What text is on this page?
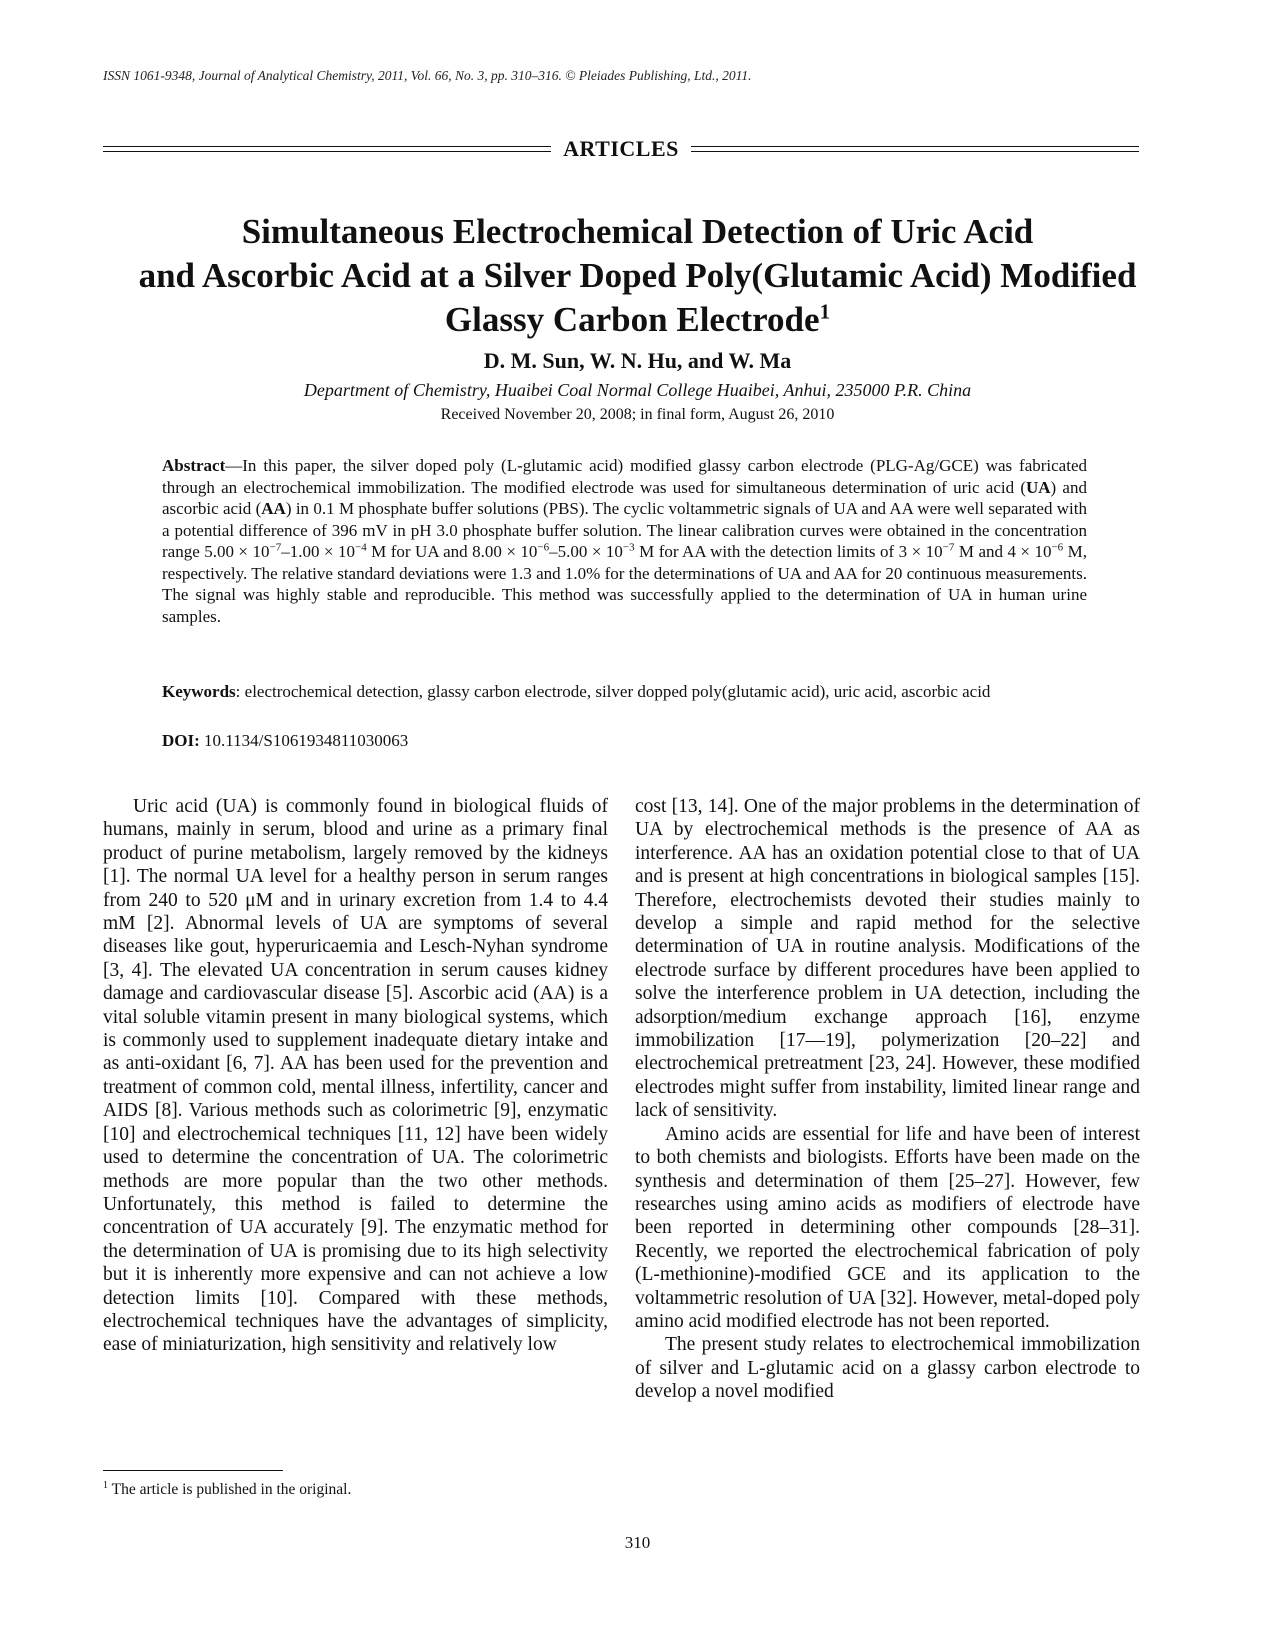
ISSN 1061-9348, Journal of Analytical Chemistry, 2011, Vol. 66, No. 3, pp. 310–316. © Pleiades Publishing, Ltd., 2011.
ARTICLES
Simultaneous Electrochemical Detection of Uric Acid
and Ascorbic Acid at a Silver Doped Poly(Glutamic Acid) Modified
Glassy Carbon Electrode$^1$
D. M. Sun, W. N. Hu, and W. Ma
Department of Chemistry, Huaibei Coal Normal College Huaibei, Anhui, 235000 P.R. China
Received November 20, 2008; in final form, August 26, 2010
Abstract—In this paper, the silver doped poly (L-glutamic acid) modified glassy carbon electrode (PLG-Ag/GCE) was fabricated through an electrochemical immobilization. The modified electrode was used for simultaneous determination of uric acid (UA) and ascorbic acid (AA) in 0.1 M phosphate buffer solutions (PBS). The cyclic voltammetric signals of UA and AA were well separated with a potential difference of 396 mV in pH 3.0 phosphate buffer solution. The linear calibration curves were obtained in the concentration range $5.00 \times 10^{-7}-1.00 \times 10^{-4}$ M for UA and $8.00 \times 10^{-6}-5.00 \times 10^{-3}$ M for AA with the detection limits of $3 \times 10^{-7}$ M and $4 \times 10^{-6}$ M, respectively. The relative standard deviations were 1.3 and 1.0% for the determinations of UA and AA for 20 continuous measurements. The signal was highly stable and reproducible. This method was successfully applied to the determination of UA in human urine samples.
Keywords: electrochemical detection, glassy carbon electrode, silver dopped poly(glutamic acid), uric acid, ascorbic acid
DOI: 10.1134/S1061934811030063

Uric acid (UA) is commonly found in biological fluids of humans, mainly in serum, blood and urine as a primary final product of purine metabolism, largely removed by the kidneys [1]. The normal UA level for a healthy person in serum ranges from 240 to 520 μM and in urinary excretion from 1.4 to 4.4 mM [2]. Abnormal levels of UA are symptoms of several diseases like gout, hyperuricaemia and Lesch-Nyhan syndrome [3, 4]. The elevated UA concentration in serum causes kidney damage and cardiovascular disease [5]. Ascorbic acid (AA) is a vital soluble vitamin present in many biological systems, which is commonly used to supplement inadequate dietary intake and as anti-oxidant [6, 7]. AA has been used for the prevention and treatment of common cold, mental illness, infertility, cancer and AIDS [8]. Various methods such as colorimetric [9], enzymatic [10] and electrochemical techniques [11, 12] have been widely used to determine the concentration of UA. The colorimetric methods are more popular than the two other methods. Unfortunately, this method is failed to determine the concentration of UA accurately [9]. The enzymatic method for the determination of UA is promising due to its high selectivity but it is inherently more expensive and can not achieve a low detection limits [10]. Compared with these methods, electrochemical techniques have the advantages of simplicity, ease of miniaturization, high sensitivity and relatively low

cost [13, 14]. One of the major problems in the determination of UA by electrochemical methods is the presence of AA as interference. AA has an oxidation potential close to that of UA and is present at high concentrations in biological samples [15]. Therefore, electrochemists devoted their studies mainly to develop a simple and rapid method for the selective determination of UA in routine analysis. Modifications of the electrode surface by different procedures have been applied to solve the interference problem in UA detection, including the adsorption/medium exchange approach [16], enzyme immobilization [17—19], polymerization [20–22] and electrochemical pretreatment [23, 24]. However, these modified electrodes might suffer from instability, limited linear range and lack of sensitivity.

Amino acids are essential for life and have been of interest to both chemists and biologists. Efforts have been made on the synthesis and determination of them [25–27]. However, few researches using amino acids as modifiers of electrode have been reported in determining other compounds [28–31]. Recently, we reported the electrochemical fabrication of poly (L-methionine)-modified GCE and its application to the voltammetric resolution of UA [32]. However, metal-doped poly amino acid modified electrode has not been reported.

The present study relates to electrochemical immobilization of silver and L-glutamic acid on a glassy carbon electrode to develop a novel modified

$^1$ The article is published in the original.
310
